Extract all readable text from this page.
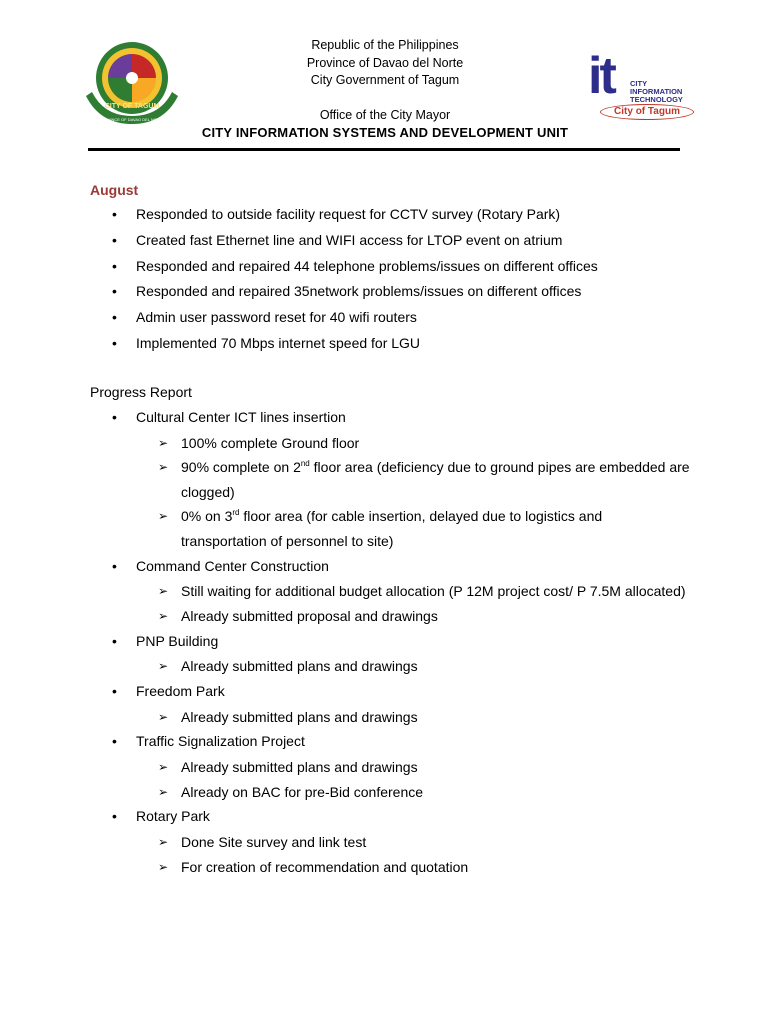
CITY OF TAGUM
PROVINCE OF DAVAO DEL NORTE
Republic of the Philippines
Province of Davao del Norte
City Government of Tagum
Office of the City Mayor
CITY INFORMATION SYSTEMS AND DEVELOPMENT UNIT
it CITY
INFORMATION
TECHNOLOGY
City of Tagum
August
• Responded to outside facility request for CCTV survey (Rotary Park)
• Created fast Ethernet line and WIFI access for LTOP event on atrium
• Responded and repaired 44 telephone problems/issues on different offices
• Responded and repaired 35network problems/issues on different offices
• Admin user password reset for 40 wifi routers
• Implemented 70 Mbps internet speed for LGU
Progress Report
• Cultural Center ICT lines insertion
➢ 100% complete Ground floor
➢ 90% complete on 2nd floor area (deficiency due to ground pipes are embedded are clogged)
➢ 0% on 3rd floor area (for cable insertion, delayed due to logistics and transportation of personnel to site)
• Command Center Construction
➢ Still waiting for additional budget allocation (P 12M project cost/ P 7.5M allocated)
➢ Already submitted proposal and drawings
• PNP Building
➢ Already submitted plans and drawings
• Freedom Park
➢ Already submitted plans and drawings
• Traffic Signalization Project
➢ Already submitted plans and drawings
➢ Already on BAC for pre-Bid conference
• Rotary Park
➢ Done Site survey and link test
➢ For creation of recommendation and quotation
